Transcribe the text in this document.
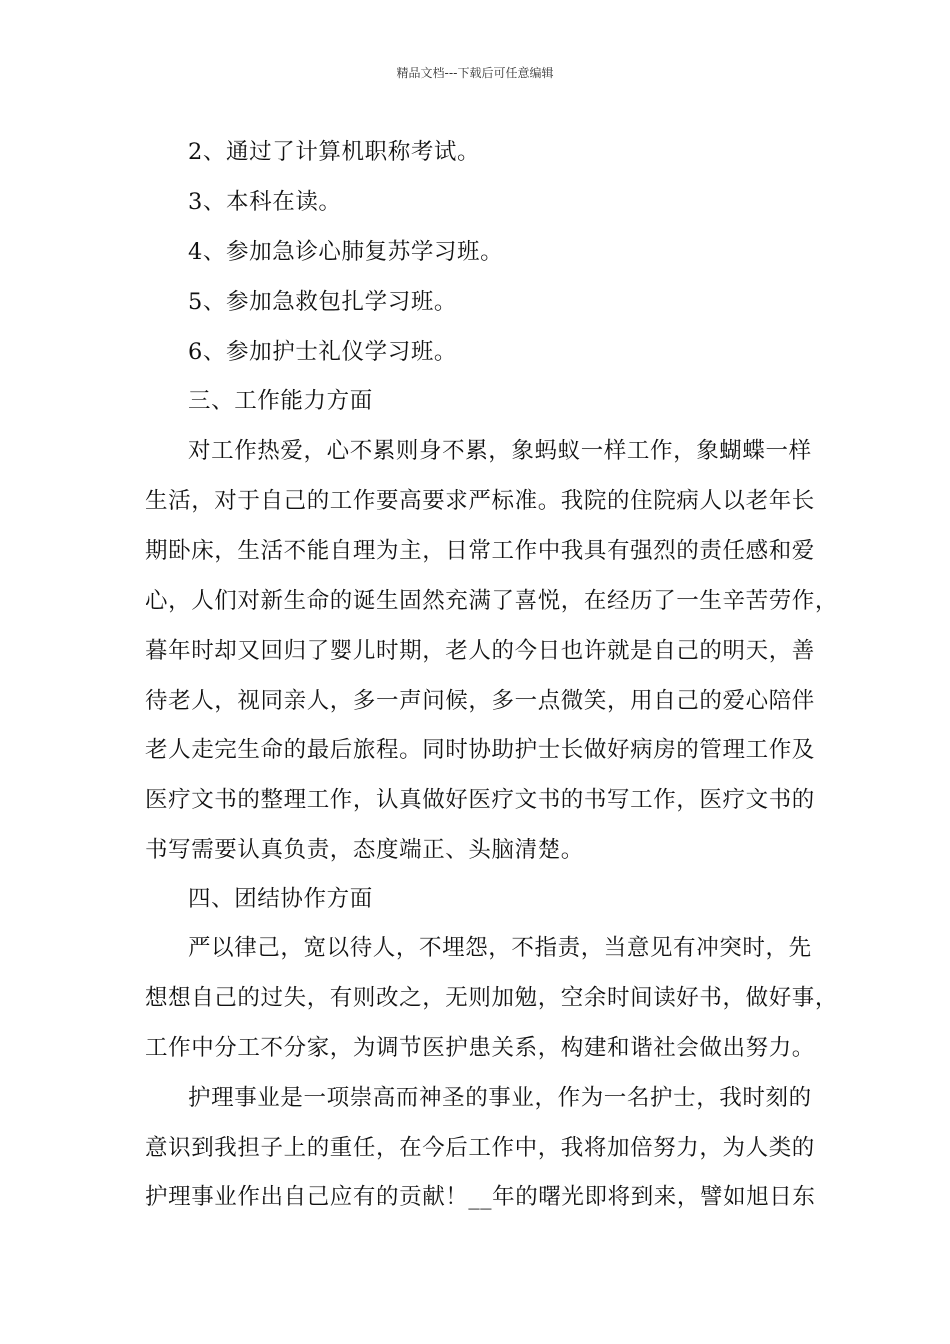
精品文档---下载后可任意编辑
2、通过了计算机职称考试。
3、本科在读。
4、参加急诊心肺复苏学习班。
5、参加急救包扎学习班。
6、参加护士礼仪学习班。
三、工作能力方面
对工作热爱，心不累则身不累，象蚂蚁一样工作，象蝴蝶一样
生活，对于自己的工作要高要求严标准。我院的住院病人以老年长
期卧床，生活不能自理为主，日常工作中我具有强烈的责任感和爱
心，人们对新生命的诞生固然充满了喜悦，在经历了一生辛苦劳作，
暮年时却又回归了婴儿时期，老人的今日也许就是自己的明天，善
待老人，视同亲人，多一声问候，多一点微笑，用自己的爱心陪伴
老人走完生命的最后旅程。同时协助护士长做好病房的管理工作及
医疗文书的整理工作，认真做好医疗文书的书写工作，医疗文书的
书写需要认真负责，态度端正、头脑清楚。
四、团结协作方面
严以律己，宽以待人，不埋怨，不指责，当意见有冲突时，先
想想自己的过失，有则改之，无则加勉，空余时间读好书，做好事，
工作中分工不分家，为调节医护患关系，构建和谐社会做出努力。
护理事业是一项崇高而神圣的事业，作为一名护士，我时刻的
意识到我担子上的重任，在今后工作中，我将加倍努力，为人类的
护理事业作出自己应有的贡献！__年的曙光即将到来，譬如旭日东
